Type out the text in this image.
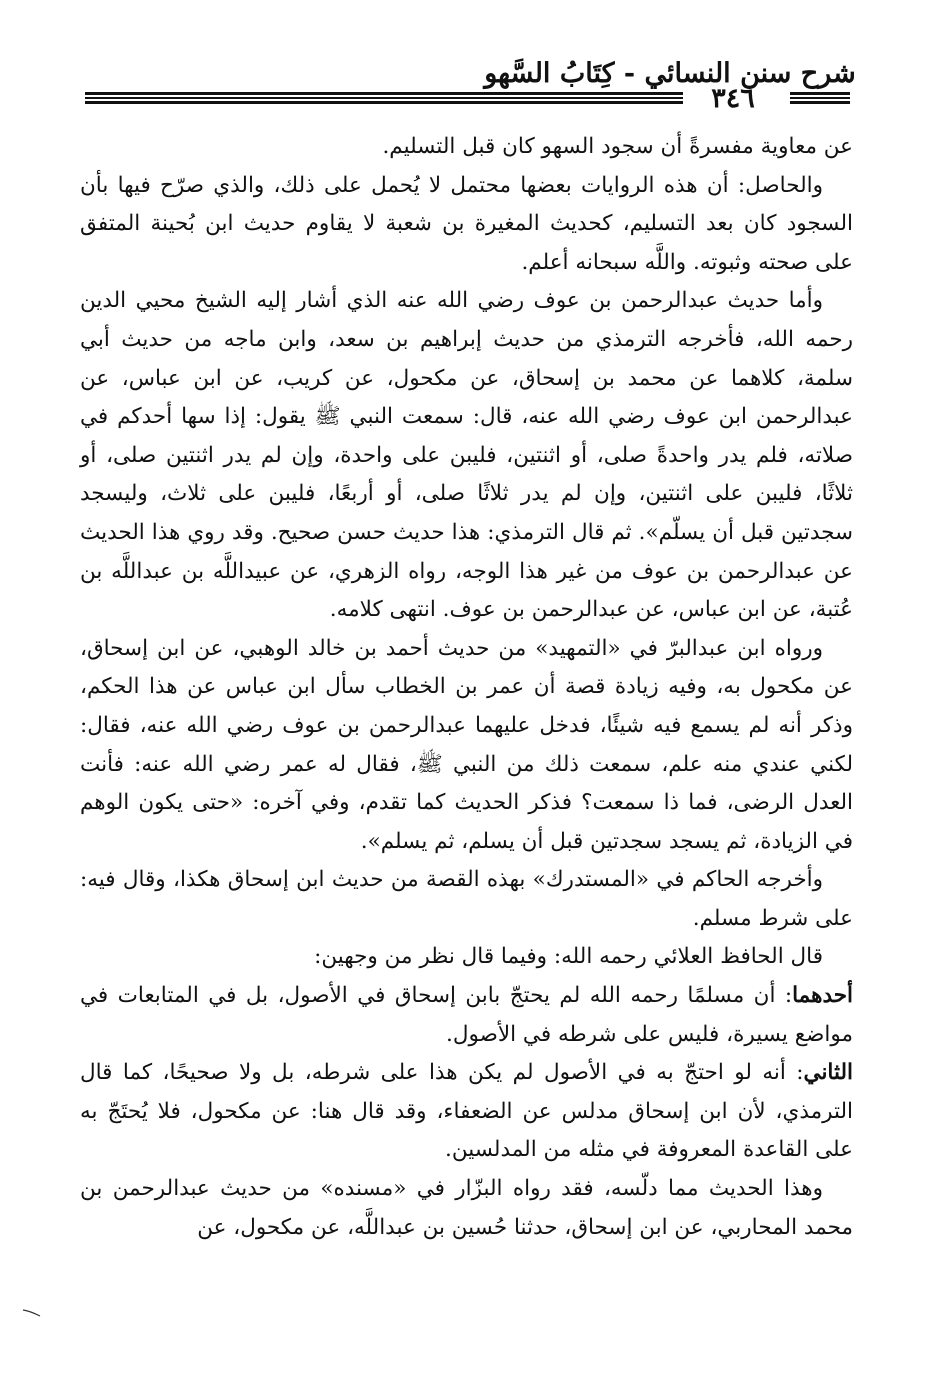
شرح سنن النسائي - كِتَابُ السَّهو
٣٤٦

عن معاوية مفسرةً أن سجود السهو كان قبل التسليم.

والحاصل: أن هذه الروايات بعضها محتمل لا يُحمل على ذلك، والذي صرّح فيها بأن السجود كان بعد التسليم، كحديث المغيرة بن شعبة لا يقاوم حديث ابن بُحينة المتفق على صحته وثبوته. واللَّه سبحانه أعلم.

وأما حديث عبدالرحمن بن عوف رضي الله عنه الذي أشار إليه الشيخ محيي الدين رحمه الله، فأخرجه الترمذي من حديث إبراهيم بن سعد، وابن ماجه من حديث أبي سلمة، كلاهما عن محمد بن إسحاق، عن مكحول، عن كريب، عن ابن عباس، عن عبدالرحمن ابن عوف رضي الله عنه، قال: سمعت النبي ﷺ يقول: إذا سها أحدكم في صلاته، فلم يدر واحدةً صلى، أو اثنتين، فليبن على واحدة، وإن لم يدر اثنتين صلى، أو ثلاثًا، فليبن على اثنتين، وإن لم يدر ثلاثًا صلى، أو أربعًا، فليبن على ثلاث، وليسجد سجدتين قبل أن يسلّم». ثم قال الترمذي: هذا حديث حسن صحيح. وقد روي هذا الحديث عن عبدالرحمن بن عوف من غير هذا الوجه، رواه الزهري، عن عبيداللَّه بن عبداللَّه بن عُتبة، عن ابن عباس، عن عبدالرحمن بن عوف. انتهى كلامه.

ورواه ابن عبدالبرّ في «التمهيد» من حديث أحمد بن خالد الوهبي، عن ابن إسحاق، عن مكحول به، وفيه زيادة قصة أن عمر بن الخطاب سأل ابن عباس عن هذا الحكم، وذكر أنه لم يسمع فيه شيئًا، فدخل عليهما عبدالرحمن بن عوف رضي الله عنه، فقال: لكني عندي منه علم، سمعت ذلك من النبي ﷺ، فقال له عمر رضي الله عنه: فأنت العدل الرضى، فما ذا سمعت؟ فذكر الحديث كما تقدم، وفي آخره: «حتى يكون الوهم في الزيادة، ثم يسجد سجدتين قبل أن يسلم، ثم يسلم».

وأخرجه الحاكم في «المستدرك» بهذه القصة من حديث ابن إسحاق هكذا، وقال فيه: على شرط مسلم.

قال الحافظ العلائي رحمه الله: وفيما قال نظر من وجهين:

أحدهما: أن مسلمًا رحمه الله لم يحتجّ بابن إسحاق في الأصول، بل في المتابعات في مواضع يسيرة، فليس على شرطه في الأصول.

الثاني: أنه لو احتجّ به في الأصول لم يكن هذا على شرطه، بل ولا صحيحًا، كما قال الترمذي، لأن ابن إسحاق مدلس عن الضعفاء، وقد قال هنا: عن مكحول، فلا يُحتَجّ به على القاعدة المعروفة في مثله من المدلسين.

وهذا الحديث مما دلّسه، فقد رواه البزّار في «مسنده» من حديث عبدالرحمن بن محمد المحاربي، عن ابن إسحاق، حدثنا حُسين بن عبداللَّه، عن مكحول، عن
